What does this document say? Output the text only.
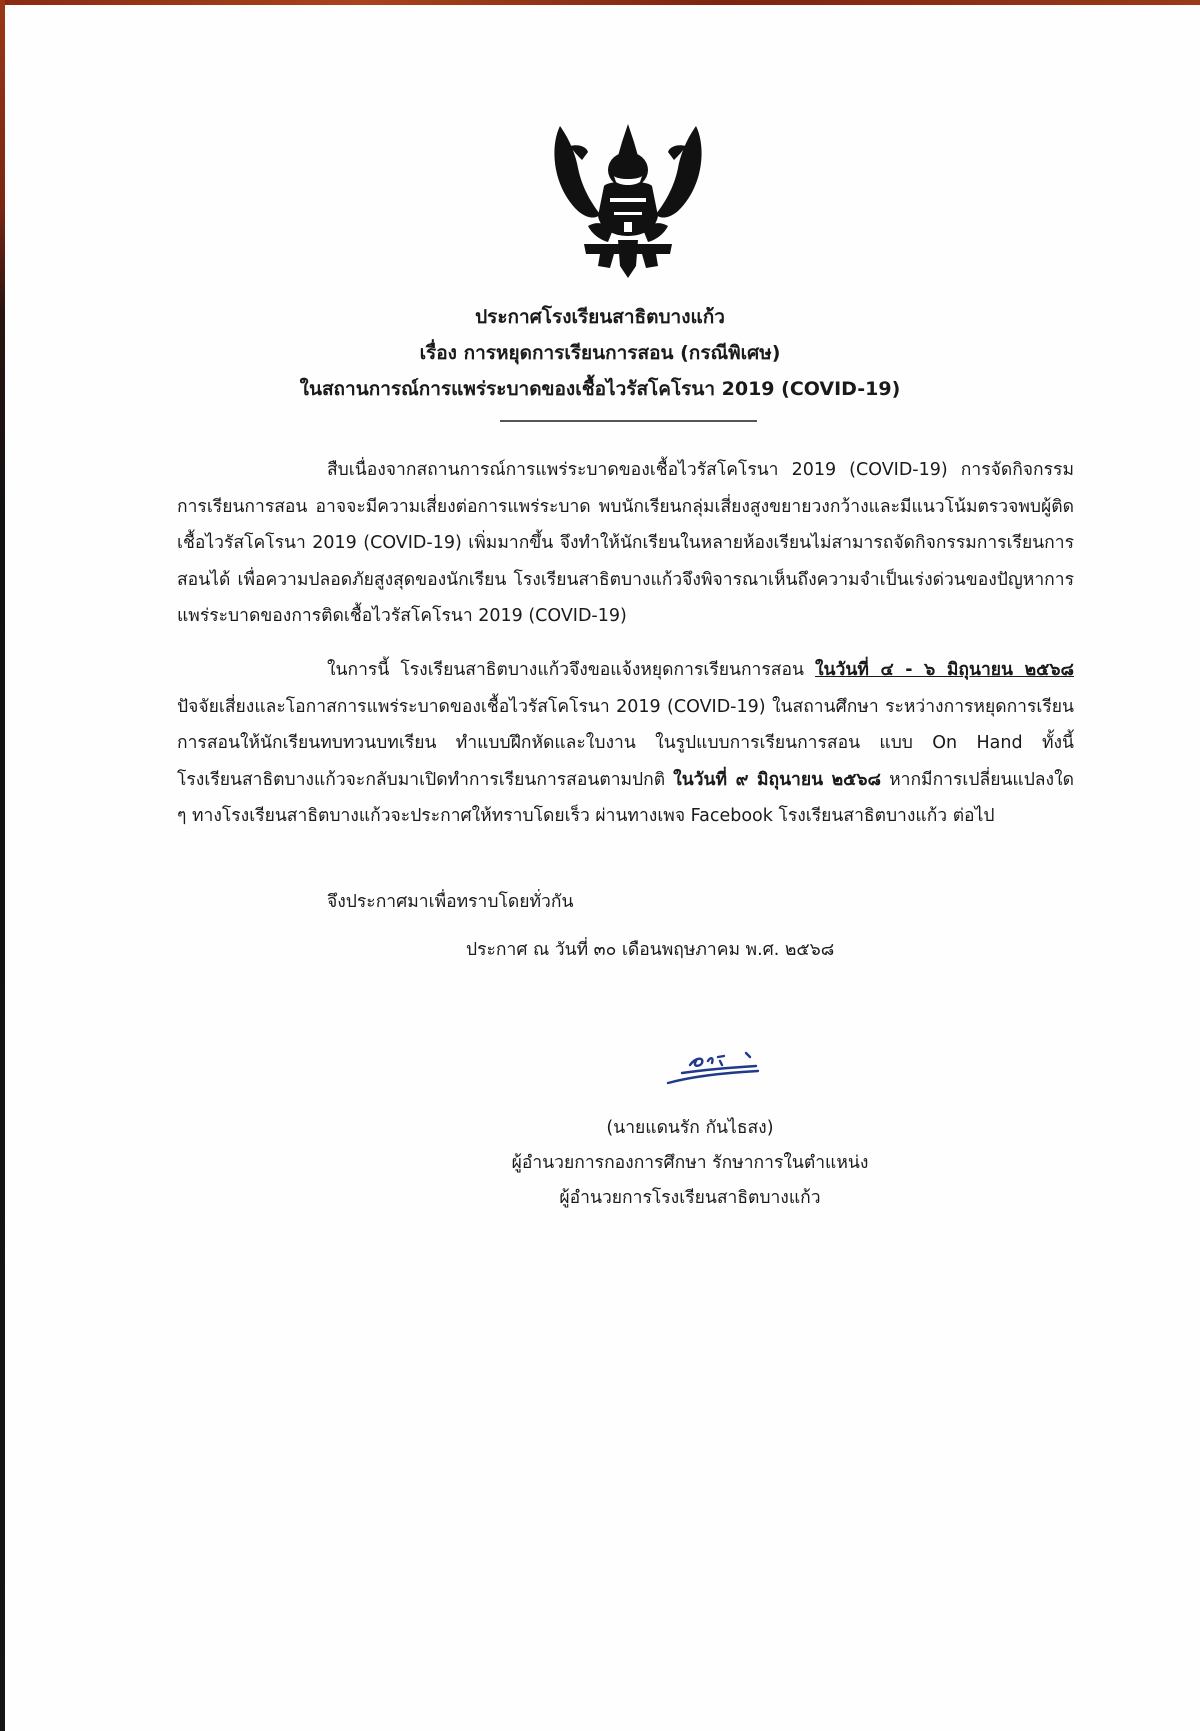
ประกาศโรงเรียนสาธิตบางแก้ว
เรื่อง การหยุดการเรียนการสอน (กรณีพิเศษ)
ในสถานการณ์การแพร่ระบาดของเชื้อไวรัสโคโรนา 2019 (COVID-19)
สืบเนื่องจากสถานการณ์การแพร่ระบาดของเชื้อไวรัสโคโรนา 2019 (COVID-19) การจัดกิจกรรมการเรียนการสอน อาจจะมีความเสี่ยงต่อการแพร่ระบาด พบนักเรียนกลุ่มเสี่ยงสูงขยายวงกว้างและมีแนวโน้มตรวจพบผู้ติดเชื้อไวรัสโคโรนา 2019 (COVID-19) เพิ่มมากขึ้น จึงทำให้นักเรียนในหลายห้องเรียนไม่สามารถจัดกิจกรรมการเรียนการสอนได้ เพื่อความปลอดภัยสูงสุดของนักเรียน โรงเรียนสาธิตบางแก้วจึงพิจารณาเห็นถึงความจำเป็นเร่งด่วนของปัญหาการแพร่ระบาดของการติดเชื้อไวรัสโคโรนา 2019 (COVID-19)
ในการนี้ โรงเรียนสาธิตบางแก้วจึงขอแจ้งหยุดการเรียนการสอน ในวันที่ ๔ - ๖ มิถุนายน ๒๕๖๘ ปัจจัยเสี่ยงและโอกาสการแพร่ระบาดของเชื้อไวรัสโคโรนา 2019 (COVID-19) ในสถานศึกษา ระหว่างการหยุดการเรียนการสอนให้นักเรียนทบทวนบทเรียน ทำแบบฝึกหัดและใบงาน ในรูปแบบการเรียนการสอน แบบ On Hand ทั้งนี้ โรงเรียนสาธิตบางแก้วจะกลับมาเปิดทำการเรียนการสอนตามปกติ ในวันที่ ๙ มิถุนายน ๒๕๖๘ หากมีการเปลี่ยนแปลงใด ๆ ทางโรงเรียนสาธิตบางแก้วจะประกาศให้ทราบโดยเร็ว ผ่านทางเพจ Facebook โรงเรียนสาธิตบางแก้ว ต่อไป
จึงประกาศมาเพื่อทราบโดยทั่วกัน
ประกาศ ณ วันที่ ๓๐ เดือนพฤษภาคม พ.ศ. ๒๕๖๘
(นายแดนรัก กันไธสง)
ผู้อำนวยการกองการศึกษา รักษาการในตำแหน่ง
ผู้อำนวยการโรงเรียนสาธิตบางแก้ว
